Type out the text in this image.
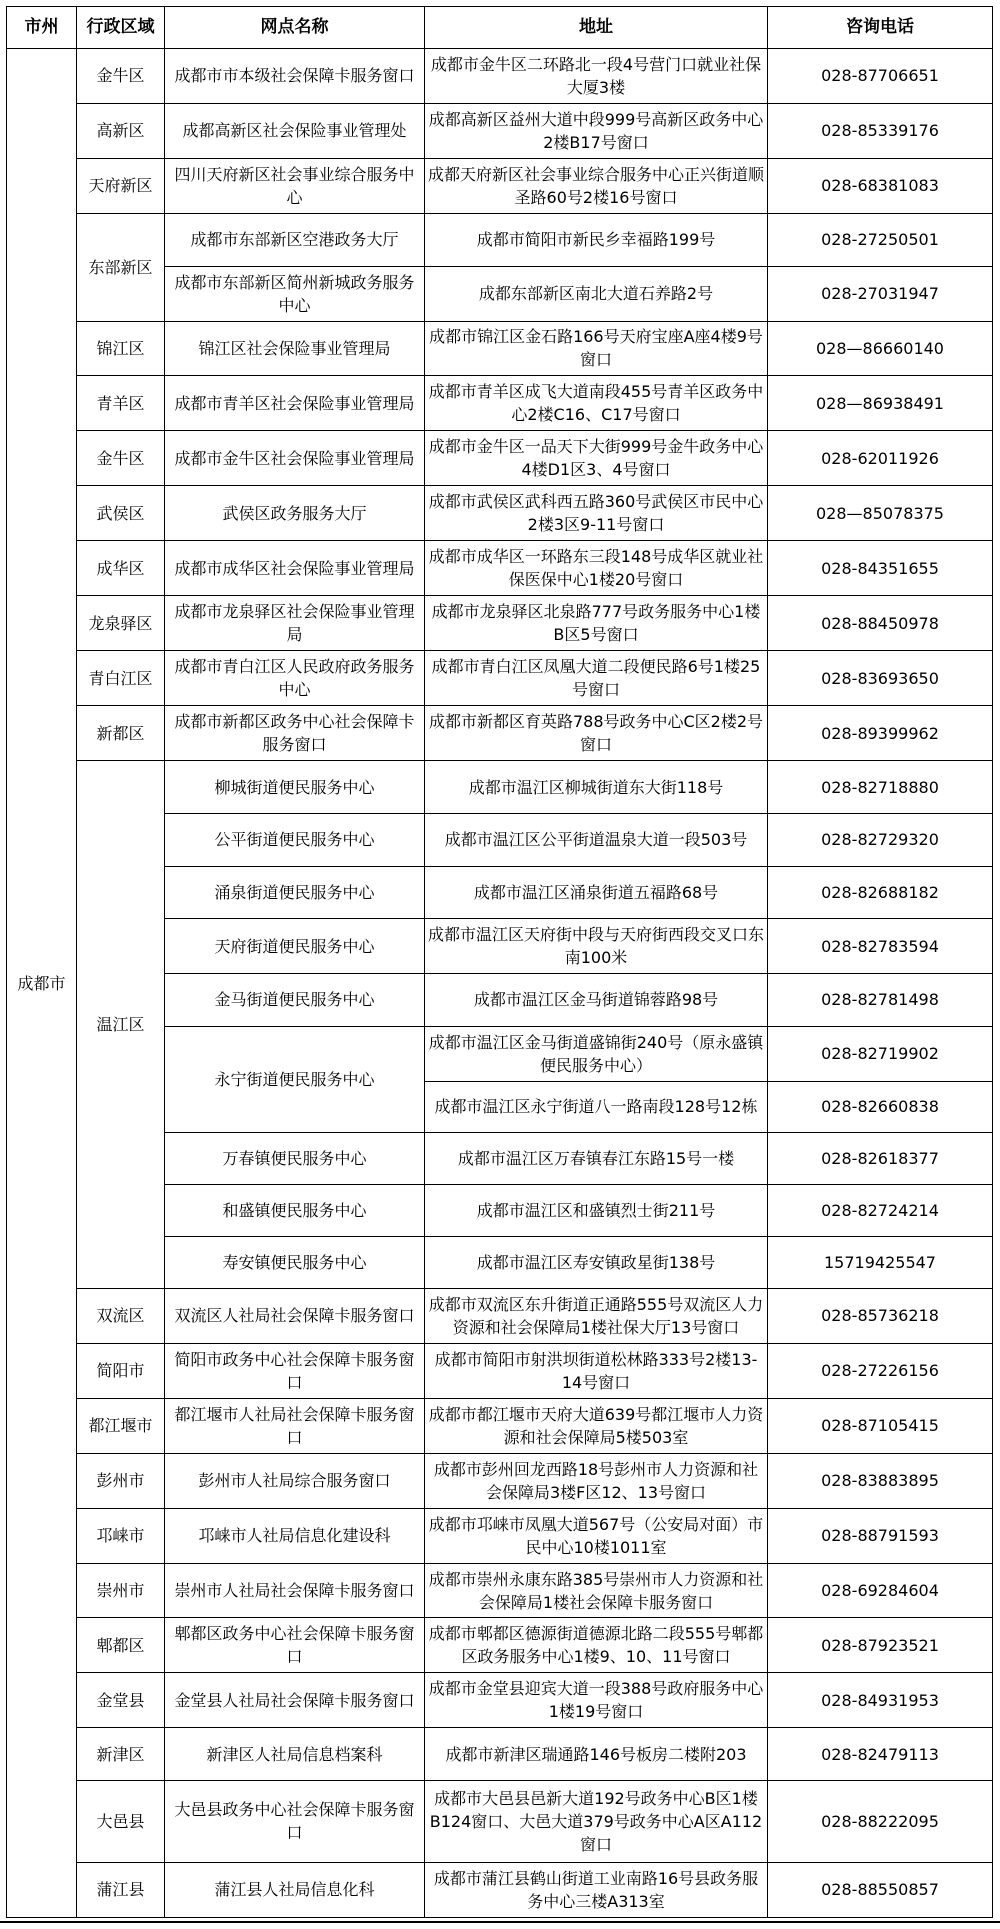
市州	行政区域	网点名称	地址	咨询电话
成都市	金牛区	成都市市本级社会保障卡服务窗口	成都市金牛区二环路北一段4号营门口就业社保大厦3楼	028-87706651
	高新区	成都高新区社会保险事业管理处	成都高新区益州大道中段999号高新区政务中心2楼B17号窗口	028-85339176
	天府新区	四川天府新区社会事业综合服务中心	成都天府新区社会事业综合服务中心正兴街道顺圣路60号2楼16号窗口	028-68381083
	东部新区	成都市东部新区空港政务大厅	成都市简阳市新民乡幸福路199号	028-27250501
		成都市东部新区简州新城政务服务中心	成都东部新区南北大道石养路2号	028-27031947
	锦江区	锦江区社会保险事业管理局	成都市锦江区金石路166号天府宝座A座4楼9号窗口	028—86660140
	青羊区	成都市青羊区社会保险事业管理局	成都市青羊区成飞大道南段455号青羊区政务中心2楼C16、C17号窗口	028—86938491
	金牛区	成都市金牛区社会保险事业管理局	成都市金牛区一品天下大街999号金牛政务中心4楼D1区3、4号窗口	028-62011926
	武侯区	武侯区政务服务大厅	成都市武侯区武科西五路360号武侯区市民中心2楼3区9-11号窗口	028—85078375
	成华区	成都市成华区社会保险事业管理局	成都市成华区一环路东三段148号成华区就业社保医保中心1楼20号窗口	028-84351655
	龙泉驿区	成都市龙泉驿区社会保险事业管理局	成都市龙泉驿区北泉路777号政务服务中心1楼B区5号窗口	028-88450978
	青白江区	成都市青白江区人民政府政务服务中心	成都市青白江区凤凰大道二段便民路6号1楼25号窗口	028-83693650
	新都区	成都市新都区政务中心社会保障卡服务窗口	成都市新都区育英路788号政务中心C区2楼2号窗口	028-89399962
	温江区	柳城街道便民服务中心	成都市温江区柳城街道东大街118号	028-82718880
		公平街道便民服务中心	成都市温江区公平街道温泉大道一段503号	028-82729320
		涌泉街道便民服务中心	成都市温江区涌泉街道五福路68号	028-82688182
		天府街道便民服务中心	成都市温江区天府街中段与天府街西段交叉口东南100米	028-82783594
		金马街道便民服务中心	成都市温江区金马街道锦蓉路98号	028-82781498
		永宁街道便民服务中心	成都市温江区金马街道盛锦街240号（原永盛镇便民服务中心）	028-82719902
			成都市温江区永宁街道八一路南段128号12栋	028-82660838
		万春镇便民服务中心	成都市温江区万春镇春江东路15号一楼	028-82618377
		和盛镇便民服务中心	成都市温江区和盛镇烈士街211号	028-82724214
		寿安镇便民服务中心	成都市温江区寿安镇政星街138号	15719425547
	双流区	双流区人社局社会保障卡服务窗口	成都市双流区东升街道正通路555号双流区人力资源和社会保障局1楼社保大厅13号窗口	028-85736218
	简阳市	简阳市政务中心社会保障卡服务窗口	成都市简阳市射洪坝街道松林路333号2楼13-14号窗口	028-27226156
	都江堰市	都江堰市人社局社会保障卡服务窗口	成都市都江堰市天府大道639号都江堰市人力资源和社会保障局5楼503室	028-87105415
	彭州市	彭州市人社局综合服务窗口	成都市彭州回龙西路18号彭州市人力资源和社会保障局3楼F区12、13号窗口	028-83883895
	邛崃市	邛崃市人社局信息化建设科	成都市邛崃市凤凰大道567号（公安局对面）市民中心10楼1011室	028-88791593
	崇州市	崇州市人社局社会保障卡服务窗口	成都市崇州永康东路385号崇州市人力资源和社会保障局1楼社会保障卡服务窗口	028-69284604
	郫都区	郫都区政务中心社会保障卡服务窗口	成都市郫都区德源街道德源北路二段555号郫都区政务服务中心1楼9、10、11号窗口	028-87923521
	金堂县	金堂县人社局社会保障卡服务窗口	成都市金堂县迎宾大道一段388号政府服务中心1楼19号窗口	028-84931953
	新津区	新津区人社局信息档案科	成都市新津区瑞通路146号板房二楼附203	028-82479113
	大邑县	大邑县政务中心社会保障卡服务窗口	成都市大邑县邑新大道192号政务中心B区1楼B124窗口、大邑大道379号政务中心A区A112窗口	028-88222095
	蒲江县	蒲江县人社局信息化科	成都市蒲江县鹤山街道工业南路16号县政务服务中心三楼A313室	028-88550857
